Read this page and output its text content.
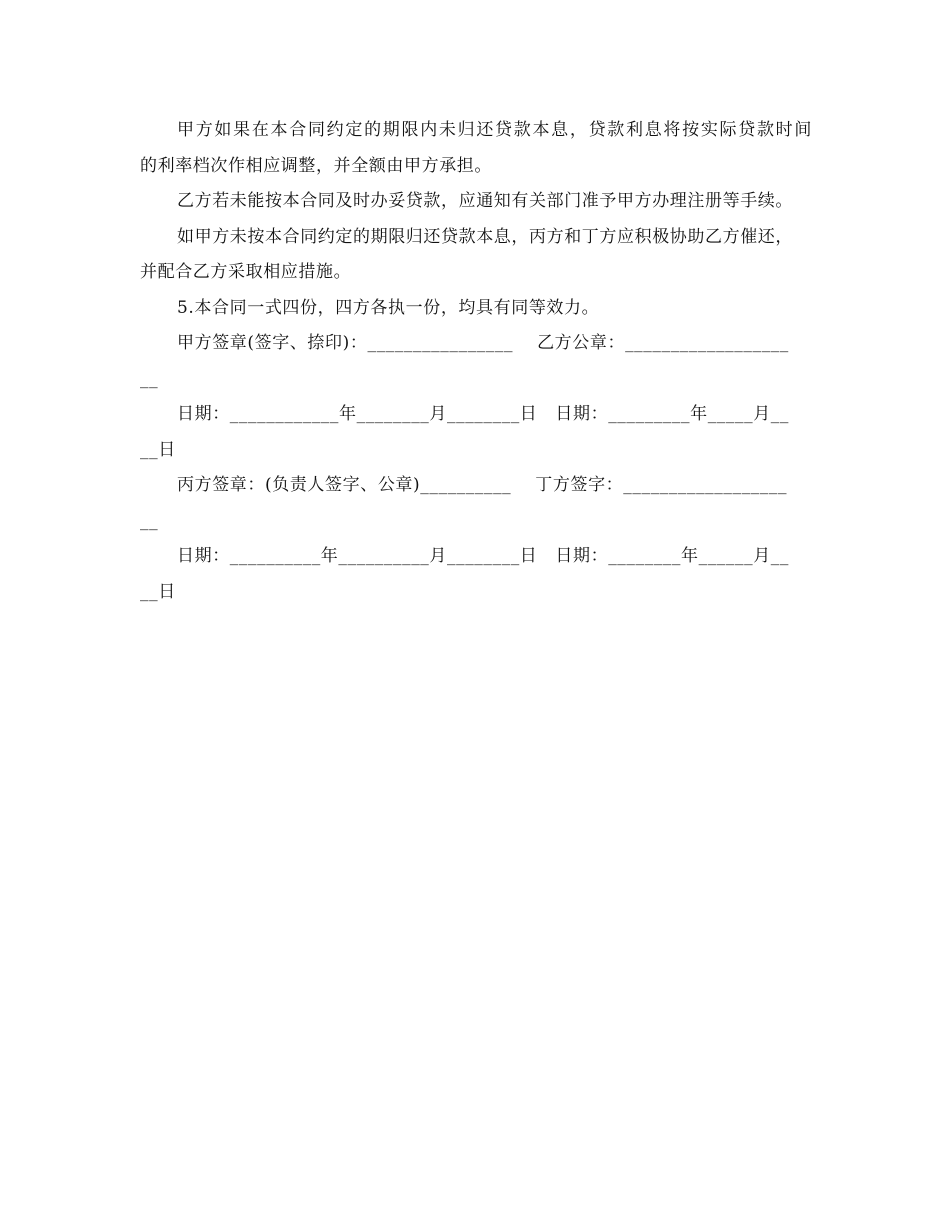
甲方如果在本合同约定的期限内未归还贷款本息，贷款利息将按实际贷款时间
的利率档次作相应调整，并全额由甲方承担。
乙方若未能按本合同及时办妥贷款，应通知有关部门准予甲方办理注册等手续。
如甲方未按本合同约定的期限归还贷款本息，丙方和丁方应积极协助乙方催还，
并配合乙方采取相应措施。
5.本合同一式四份，四方各执一份，均具有同等效力。
甲方签章(签字、捺印)：________________    乙方公章：__________________
__
日期：____________年________月________日   日期：_________年_____月__
__日
丙方签章：(负责人签字、公章)__________    丁方签字：__________________
__
日期：__________年__________月________日   日期：________年______月__
__日
